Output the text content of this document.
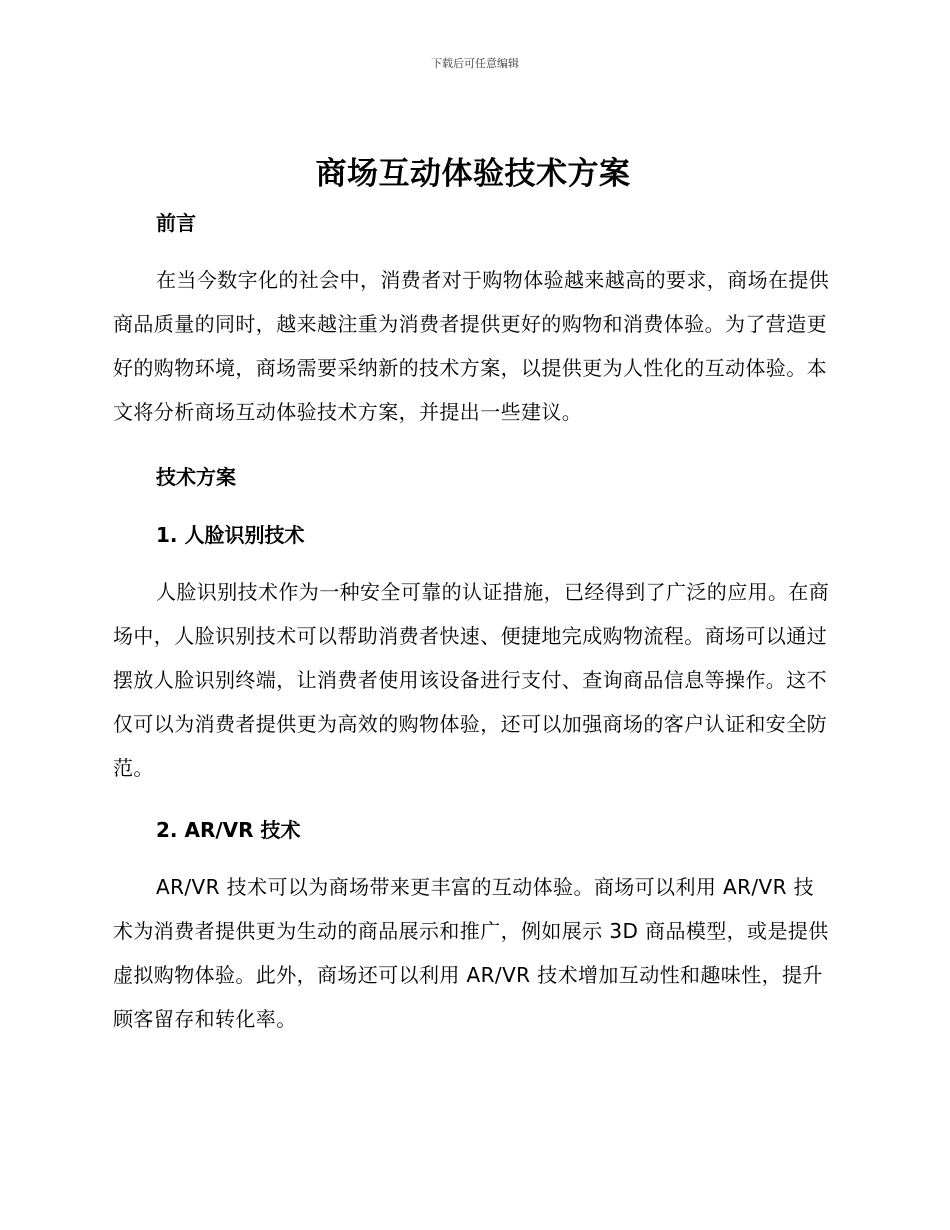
下载后可任意编辑
商场互动体验技术方案
前言

在当今数字化的社会中，消费者对于购物体验越来越高的要求，商场在提供商品质量的同时，越来越注重为消费者提供更好的购物和消费体验。为了营造更好的购物环境，商场需要采纳新的技术方案，以提供更为人性化的互动体验。本文将分析商场互动体验技术方案，并提出一些建议。

技术方案
1. 人脸识别技术

人脸识别技术作为一种安全可靠的认证措施，已经得到了广泛的应用。在商场中，人脸识别技术可以帮助消费者快速、便捷地完成购物流程。商场可以通过摆放人脸识别终端，让消费者使用该设备进行支付、查询商品信息等操作。这不仅可以为消费者提供更为高效的购物体验，还可以加强商场的客户认证和安全防范。

2. AR/VR 技术

AR/VR 技术可以为商场带来更丰富的互动体验。商场可以利用 AR/VR 技术为消费者提供更为生动的商品展示和推广，例如展示 3D 商品模型，或是提供虚拟购物体验。此外，商场还可以利用 AR/VR 技术增加互动性和趣味性，提升顾客留存和转化率。
